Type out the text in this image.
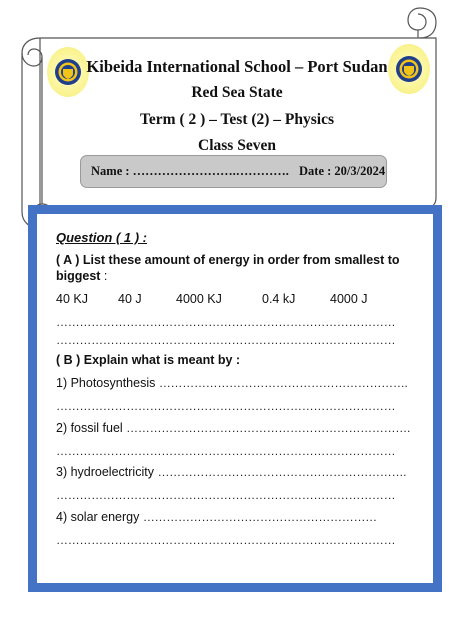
Kibeida International School – Port Sudan
Red Sea State
Term ( 2 ) – Test (2) – Physics
Class Seven
Name : …………………….…………. Date : 20/3/2024
Question ( 1 ) :
( A ) List these amount of energy in order from smallest to
biggest :
40 KJ 40 J	4000 KJ	0.4 kJ	4000 J
……………………………………………………………………………
……………………………………………………………………………
( B ) Explain what is meant by :
1) Photosynthesis ……………………………………………………….
……………………………………………………………………………
2) fossil fuel ……………………………………………………………….
……………………………………………………………………………
3) hydroelectricity ……………………………………………………….
……………………………………………………………………………
4) solar energy ……………………………………………………
……………………………………………………………………………
